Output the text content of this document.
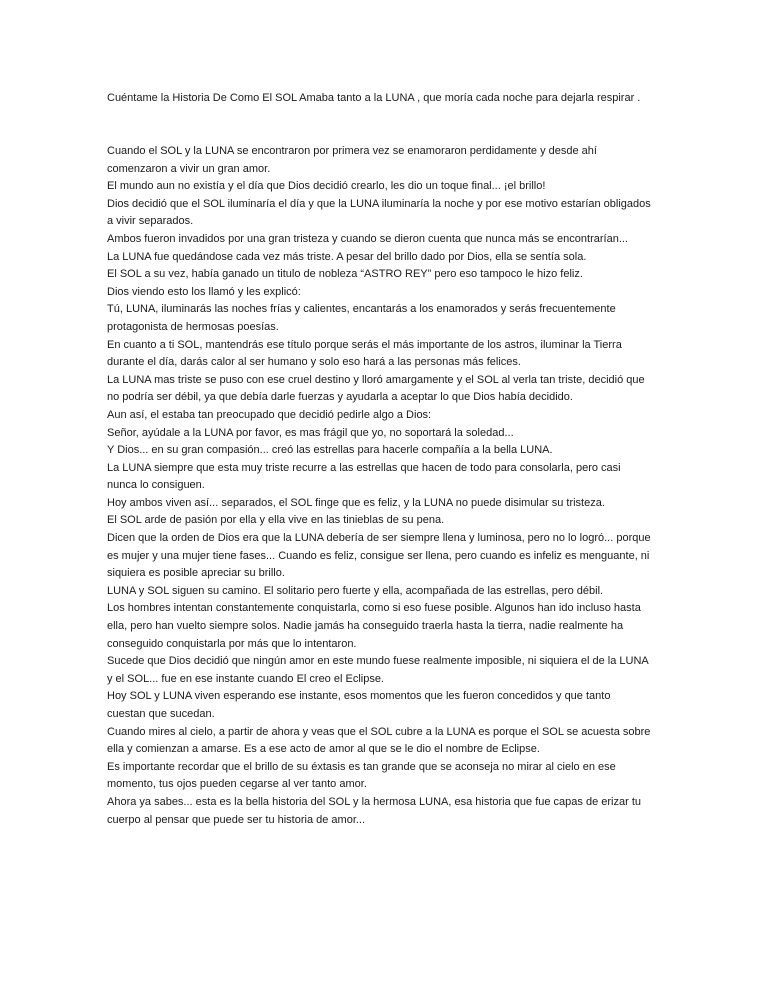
Cuéntame la Historia De Como El SOL Amaba tanto a la LUNA , que moría cada noche para dejarla respirar .

Cuando el SOL y la LUNA se encontraron por primera vez se enamoraron perdidamente y desde ahí comenzaron a vivir un gran amor.

El mundo aun no existía y el día que Dios decidió crearlo, les dio un toque final... ¡el brillo!

Dios decidió que el SOL iluminaría el día y que la LUNA iluminaría la noche y por ese motivo estarían obligados a vivir separados.

Ambos fueron invadidos por una gran tristeza y cuando se dieron cuenta que nunca más se encontrarían...

La LUNA fue quedándose cada vez más triste. A pesar del brillo dado por Dios, ella se sentía sola.

El SOL a su vez, había ganado un titulo de nobleza “ASTRO REY” pero eso tampoco le hizo feliz.

Dios viendo esto los llamó y les explicó:

Tú, LUNA, iluminarás las noches frías y calientes, encantarás a los enamorados y serás frecuentemente protagonista de hermosas poesías.

En cuanto a ti SOL, mantendrás ese título porque serás el más importante de los astros, iluminar la Tierra durante el día, darás calor al ser humano y solo eso hará a las personas más felices.

La LUNA mas triste se puso con ese cruel destino y lloró amargamente y el SOL al verla tan triste, decidió que no podría ser débil, ya que debía darle fuerzas y ayudarla a aceptar lo que Dios había decidido.

Aun así, el estaba tan preocupado que decidió pedirle algo a Dios:

Señor, ayúdale a la LUNA por favor, es mas frágil que yo, no soportará la soledad...

Y Dios... en su gran compasión... creó las estrellas para hacerle compañía a la bella LUNA.

La LUNA siempre que esta muy triste recurre a las estrellas que hacen de todo para consolarla, pero casi nunca lo consiguen.

Hoy ambos viven así... separados, el SOL finge que es feliz, y la LUNA no puede disimular su tristeza.

El SOL arde de pasión por ella y ella vive en las tinieblas de su pena.

Dicen que la orden de Dios era que la LUNA debería de ser siempre llena y luminosa, pero no lo logró... porque es mujer y una mujer tiene fases... Cuando es feliz, consigue ser llena, pero cuando es infeliz es menguante, ni siquiera es posible apreciar su brillo.

LUNA y SOL siguen su camino. El solitario pero fuerte y ella, acompañada de las estrellas, pero débil.

Los hombres intentan constantemente conquistarla, como si eso fuese posible. Algunos han ido incluso hasta ella, pero han vuelto siempre solos. Nadie jamás ha conseguido traerla hasta la tierra, nadie realmente ha conseguido conquistarla por más que lo intentaron.

Sucede que Dios decidió que ningún amor en este mundo fuese realmente imposible, ni siquiera el de la LUNA y el SOL... fue en ese instante cuando El creo el Eclipse.

Hoy SOL y LUNA viven esperando ese instante, esos momentos que les fueron concedidos y que tanto cuestan que sucedan.

Cuando mires al cielo, a partir de ahora y veas que el SOL cubre a la LUNA es porque el SOL se acuesta sobre ella y comienzan a amarse. Es a ese acto de amor al que se le dio el nombre de Eclipse.

Es importante recordar que el brillo de su éxtasis es tan grande que se aconseja no mirar al cielo en ese momento, tus ojos pueden cegarse al ver tanto amor.

Ahora ya sabes... esta es la bella historia del SOL y la hermosa LUNA, esa historia que fue capas de erizar tu cuerpo al pensar que puede ser tu historia de amor...
